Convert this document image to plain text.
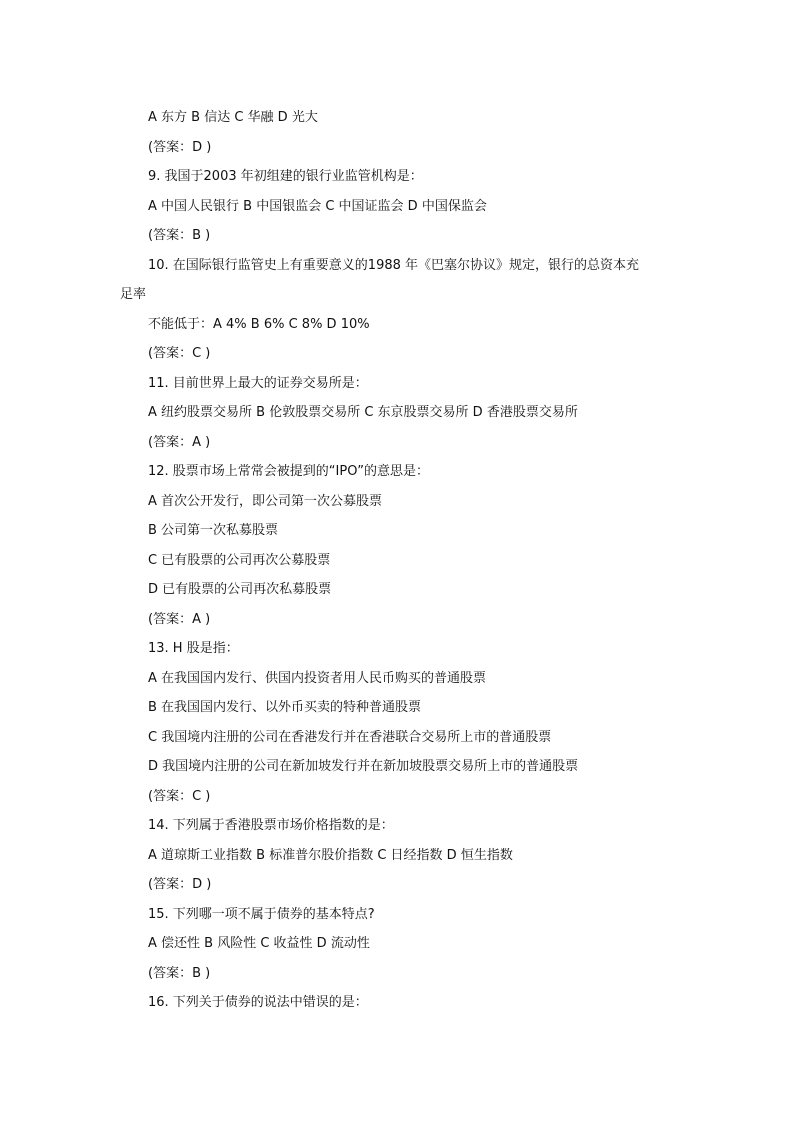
A 东方 B 信达 C 华融 D 光大
(答案：D )
9. 我国于2003 年初组建的银行业监管机构是：
A 中国人民银行 B 中国银监会 C 中国证监会 D 中国保监会
(答案：B )
10. 在国际银行监管史上有重要意义的1988 年《巴塞尔协议》规定，银行的总资本充
足率
不能低于：A 4% B 6% C 8% D 10%
(答案：C )
11. 目前世界上最大的证券交易所是：
A 纽约股票交易所 B 伦敦股票交易所 C 东京股票交易所 D 香港股票交易所
(答案：A )
12. 股票市场上常常会被提到的“IPO”的意思是：
A 首次公开发行，即公司第一次公募股票
B 公司第一次私募股票
C 已有股票的公司再次公募股票
D 已有股票的公司再次私募股票
(答案：A )
13. H 股是指：
A 在我国国内发行、供国内投资者用人民币购买的普通股票
B 在我国国内发行、以外币买卖的特种普通股票
C 我国境内注册的公司在香港发行并在香港联合交易所上市的普通股票
D 我国境内注册的公司在新加坡发行并在新加坡股票交易所上市的普通股票
(答案：C )
14. 下列属于香港股票市场价格指数的是：
A 道琼斯工业指数 B 标准普尔股价指数 C 日经指数 D 恒生指数
(答案：D )
15. 下列哪一项不属于债券的基本特点?
A 偿还性 B 风险性 C 收益性 D 流动性
(答案：B )
16. 下列关于债券的说法中错误的是：
